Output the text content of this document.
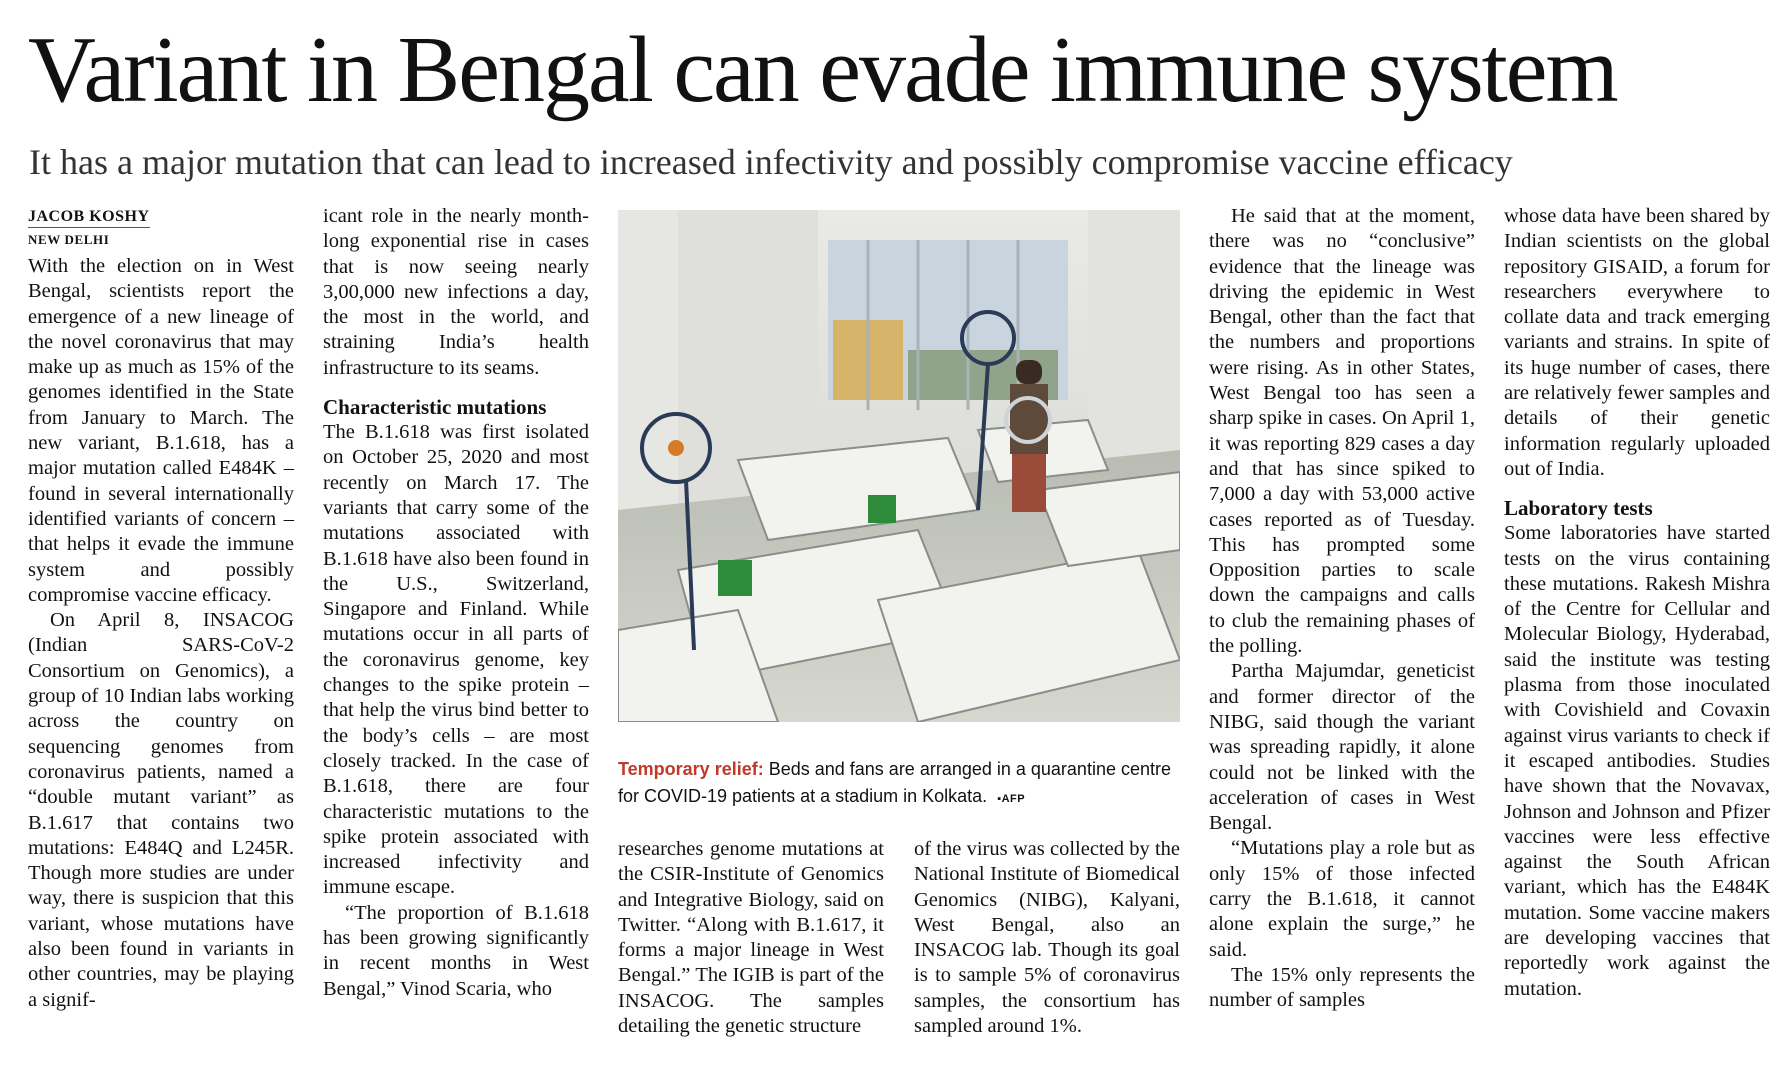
Variant in Bengal can evade immune system
It has a major mutation that can lead to increased infectivity and possibly compromise vaccine efficacy
JACOB KOSHY
NEW DELHI

With the election on in West Bengal, scientists report the emergence of a new lineage of the novel coronavirus that may make up as much as 15% of the genomes identified in the State from January to March. The new variant, B.1.618, has a major mutation called E484K – found in several internationally identified variants of concern – that helps it evade the immune system and possibly compromise vaccine efficacy.

On April 8, INSACOG (Indian SARS-CoV-2 Consortium on Genomics), a group of 10 Indian labs working across the country on sequencing genomes from coronavirus patients, named a “double mutant variant” as B.1.617 that contains two mutations: E484Q and L245R. Though more studies are under way, there is suspicion that this variant, whose mutations have also been found in variants in other countries, may be playing a signif-

icant role in the nearly month-long exponential rise in cases that is now seeing nearly 3,00,000 new infections a day, the most in the world, and straining India’s health infrastructure to its seams.

Characteristic mutations

The B.1.618 was first isolated on October 25, 2020 and most recently on March 17. The variants that carry some of the mutations associated with B.1.618 have also been found in the U.S., Switzerland, Singapore and Finland. While mutations occur in all parts of the coronavirus genome, key changes to the spike protein – that help the virus bind better to the body’s cells – are most closely tracked. In the case of B.1.618, there are four characteristic mutations to the spike protein associated with increased infectivity and immune escape.

“The proportion of B.1.618 has been growing significantly in recent months in West Bengal,” Vinod Scaria, who

Temporary relief: Beds and fans are arranged in a quarantine centre for COVID-19 patients at a stadium in Kolkata. ▪AFP

researches genome mutations at the CSIR-Institute of Genomics and Integrative Biology, said on Twitter. “Along with B.1.617, it forms a major lineage in West Bengal.” The IGIB is part of the INSACOG. The samples detailing the genetic structure

of the virus was collected by the National Institute of Biomedical Genomics (NIBG), Kalyani, West Bengal, also an INSACOG lab. Though its goal is to sample 5% of coronavirus samples, the consortium has sampled around 1%.

He said that at the moment, there was no “conclusive” evidence that the lineage was driving the epidemic in West Bengal, other than the fact that the numbers and proportions were rising. As in other States, West Bengal too has seen a sharp spike in cases. On April 1, it was reporting 829 cases a day and that has since spiked to 7,000 a day with 53,000 active cases reported as of Tuesday. This has prompted some Opposition parties to scale down the campaigns and calls to club the remaining phases of the polling.

Partha Majumdar, geneticist and former director of the NIBG, said though the variant was spreading rapidly, it alone could not be linked with the acceleration of cases in West Bengal.

“Mutations play a role but as only 15% of those infected carry the B.1.618, it cannot alone explain the surge,” he said.

The 15% only represents the number of samples

whose data have been shared by Indian scientists on the global repository GISAID, a forum for researchers everywhere to collate data and track emerging variants and strains. In spite of its huge number of cases, there are relatively fewer samples and details of their genetic information regularly uploaded out of India.

Laboratory tests

Some laboratories have started tests on the virus containing these mutations. Rakesh Mishra of the Centre for Cellular and Molecular Biology, Hyderabad, said the institute was testing plasma from those inoculated with Covishield and Covaxin against virus variants to check if it escaped antibodies. Studies have shown that the Novavax, Johnson and Johnson and Pfizer vaccines were less effective against the South African variant, which has the E484K mutation. Some vaccine makers are developing vaccines that reportedly work against the mutation.
